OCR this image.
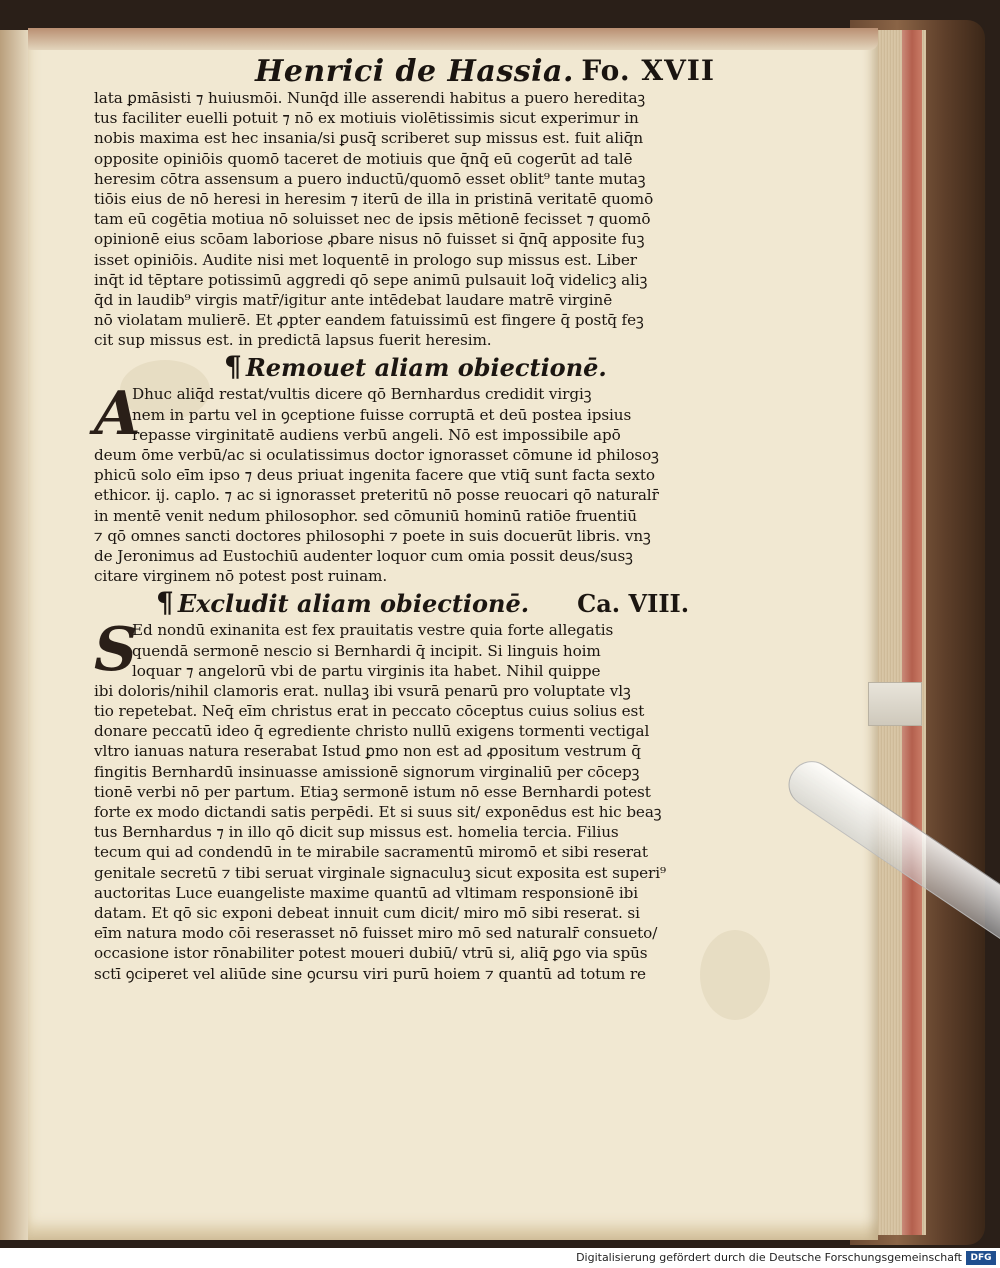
Henrici de Hassia. Fo. XVII
lata ꝑmāsisti ⁊ huiusmōi. Nunq̄d ille asserendi habitus a puero hereditaꝫ
tus faciliter euelli potuit ⁊ nō ex motiuis violētissimis sicut experimur in
nobis maxima est hec insania/si ꝑusq̄ scriberet sup missus est. fuit aliq̄n
opposite opiniōis quomō taceret de motiuis que q̄nq̄ eū cogerūt ad talē
heresim cōtra assensum a puero inductū/quomō esset oblit⁹ tante mutaꝫ
tiōis eius de nō heresi in heresim ⁊ iterū de illa in pristinā veritatē quomō
tam eū cogētia motiua nō soluisset nec de ipsis mētionē fecisset ⁊ quomō
opinionē eius scōam laboriose ꝓbare nisus nō fuisset si q̄nq̄ apposite fuꝫ
isset opiniōis. Audite nisi met loquentē in prologo sup missus est. Liber
inq̄t id tēptare potissimū aggredi qō sepe animū pulsauit loq̄ videlicꝫ aliꝫ
q̄d in laudib⁹ virgis matr̄/igitur ante intēdebat laudare matrē virginē
nō violatam mulierē. Et ꝓpter eandem fatuissimū est fingere q̄ postq̄ feꝫ
cit sup missus est. in predictā lapsus fuerit heresim.
¶ Remouet aliam obiectionē.
A
Dhuc aliq̄d restat/vultis dicere qō Bernhardus credidit virgiꝫ
nem in partu vel in ꝯceptione fuisse corruptā et deū postea ipsius
repasse virginitatē audiens verbū angeli. Nō est impossibile apō
deum ōme verbū/ac si oculatissimus doctor ignorasset cōmune id philosoꝫ
phicū solo eīm ipso ⁊ deus priuat ingenita facere que vtiq̄ sunt facta sexto
ethicor. ij. caplo. ⁊ ac si ignorasset preteritū nō posse reuocari qō naturalr̄
in mentē venit nedum philosophor. sed cōmuniū hominū ratiōe fruentiū
⁊ qō omnes sancti doctores philosophi ⁊ poete in suis docuerūt libris. vnꝫ
de Jeronimus ad Eustochiū audenter loquor cum omia possit deus/susꝫ
citare virginem nō potest post ruinam.
¶ Excludit aliam obiectionē. Ca. VIII.
S
Ed nondū exinanita est fex prauitatis vestre quia forte allegatis
quendā sermonē nescio si Bernhardi q̄ incipit. Si linguis hoim
loquar ⁊ angelorū vbi de partu virginis ita habet. Nihil quippe
ibi doloris/nihil clamoris erat. nullaꝫ ibi vsurā penarū pro voluptate vlꝫ
tio repetebat. Neq̄ eīm christus erat in peccato cōceptus cuius solius est
donare peccatū ideo q̄ egrediente christo nullū exigens tormenti vectigal
vltro ianuas natura reserabat Istud ꝑmo non est ad ꝓpositum vestrum q̄
fingitis Bernhardū insinuasse amissionē signorum virginaliū per cōcepꝫ
tionē verbi nō per partum. Etiaꝫ sermonē istum nō esse Bernhardi potest
forte ex modo dictandi satis perpēdi. Et si suus sit/ exponēdus est hic beaꝫ
tus Bernhardus ⁊ in illo qō dicit sup missus est. homelia tercia. Filius
tecum qui ad condendū in te mirabile sacramentū miromō et sibi reserat
genitale secretū ⁊ tibi seruat virginale signaculuꝫ sicut exposita est superi⁹
auctoritas Luce euangeliste maxime quantū ad vltimam responsionē ibi
datam. Et qō sic exponi debeat innuit cum dicit/ miro mō sibi reserat. si
eīm natura modo cōi reserasset nō fuisset miro mō sed naturalr̄ consueto/
occasione istor rōnabiliter potest moueri dubiū/ vtrū si, aliq̄ ꝑgo via spūs
sctī ꝯciperet vel aliūde sine ꝯcursu viri purū hoiem ⁊ quantū ad totum re
Digitalisierung gefördert durch die Deutsche Forschungsgemeinschaft DFG
